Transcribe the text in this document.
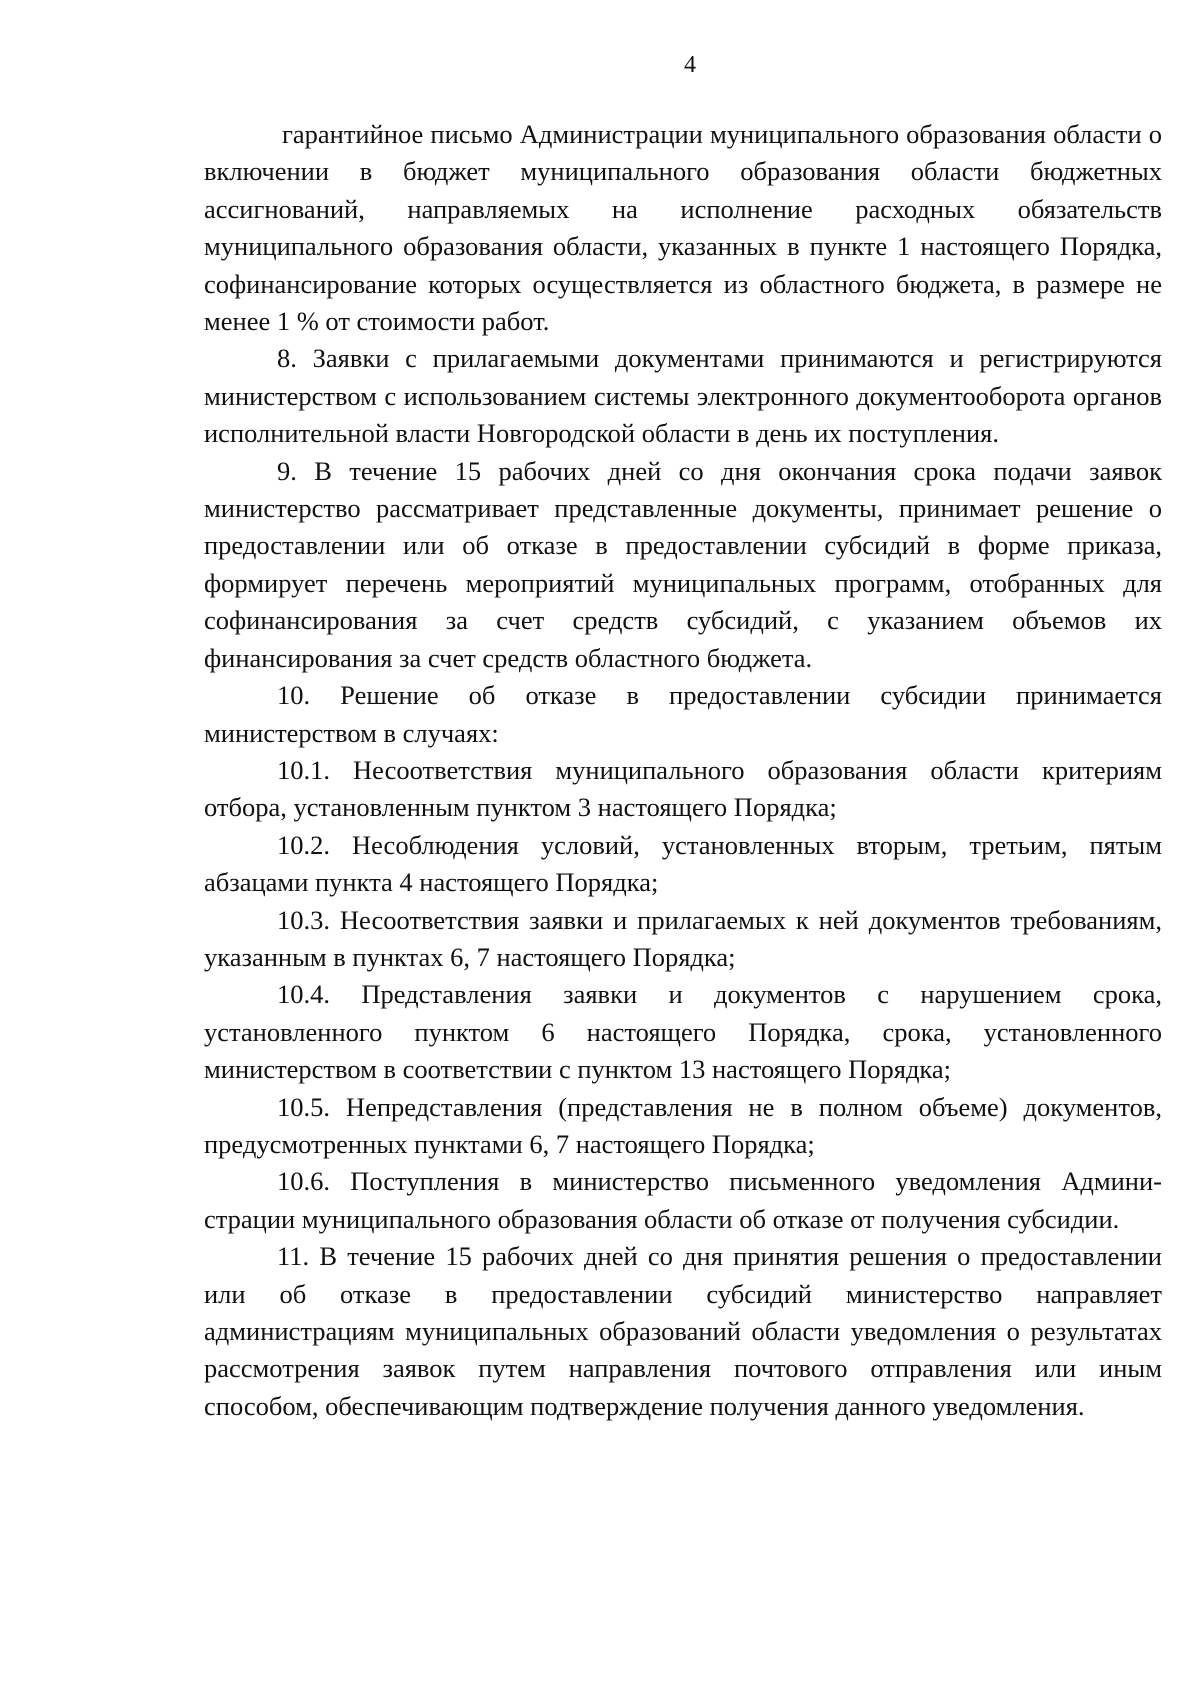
4

гарантийное письмо Администрации муниципального образования области о включении в бюджет муниципального образования области бюджетных ассигнований, направляемых на исполнение расходных обязательств муниципального образования области, указанных в пункте 1 настоящего Порядка, софинансирование которых осуществляется из областного бюджета, в размере не менее 1 % от стоимости работ.

8. Заявки с прилагаемыми документами принимаются и регистрируются министерством с использованием системы электронного документооборота органов исполнительной власти Новгородской области в день их поступления.

9. В течение 15 рабочих дней со дня окончания срока подачи заявок министерство рассматривает представленные документы, принимает решение о предоставлении или об отказе в предоставлении субсидий в форме приказа, формирует перечень мероприятий муниципальных программ, отобранных для софинансирования за счет средств субсидий, с указанием объемов их финансирования за счет средств областного бюджета.

10. Решение об отказе в предоставлении субсидии принимается министерством в случаях:

10.1. Несоответствия муниципального образования области критериям отбора, установленным пунктом 3 настоящего Порядка;

10.2. Несоблюдения условий, установленных вторым, третьим, пятым абзацами пункта 4 настоящего Порядка;

10.3. Несоответствия заявки и прилагаемых к ней документов требованиям, указанным в пунктах 6, 7 настоящего Порядка;

10.4. Представления заявки и документов с нарушением срока, установленного пунктом 6 настоящего Порядка, срока, установленного министерством в соответствии с пунктом 13 настоящего Порядка;

10.5. Непредставления (представления не в полном объеме) документов, предусмотренных пунктами 6, 7 настоящего Порядка;

10.6. Поступления в министерство письменного уведомления Администрации муниципального образования области об отказе от получения субсидии.

11. В течение 15 рабочих дней со дня принятия решения о предоставлении или об отказе в предоставлении субсидий министерство направляет администрациям муниципальных образований области уведомления о результатах рассмотрения заявок путем направления почтового отправления или иным способом, обеспечивающим подтверждение получения данного уведомления.
